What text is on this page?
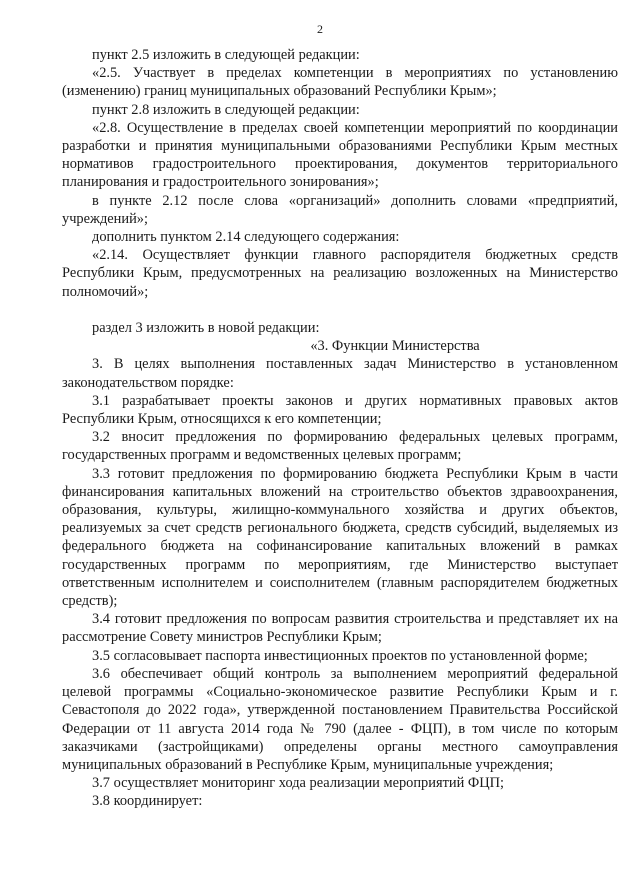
2

пункт 2.5 изложить в следующей редакции:

«2.5. Участвует в пределах компетенции в мероприятиях по установлению (изменению) границ муниципальных образований Республики Крым»;

пункт 2.8 изложить в следующей редакции:

«2.8. Осуществление в пределах своей компетенции мероприятий по координации разработки и принятия муниципальными образованиями Республики Крым местных нормативов градостроительного проектирования, документов территориального планирования и градостроительного зонирования»;

в пункте 2.12 после слова «организаций» дополнить словами «предприятий, учреждений»;

дополнить пунктом 2.14 следующего содержания:

«2.14. Осуществляет функции главного распорядителя бюджетных средств Республики Крым, предусмотренных на реализацию возложенных на Министерство полномочий»;

раздел 3 изложить в новой редакции:

«3. Функции Министерства

3. В целях выполнения поставленных задач Министерство в установленном законодательством порядке:

3.1 разрабатывает проекты законов и других нормативных правовых актов Республики Крым, относящихся к его компетенции;

3.2 вносит предложения по формированию федеральных целевых программ, государственных программ и ведомственных целевых программ;

3.3 готовит предложения по формированию бюджета Республики Крым в части финансирования капитальных вложений на строительство объектов здравоохранения, образования, культуры, жилищно-коммунального хозяйства и других объектов, реализуемых за счет средств регионального бюджета, средств субсидий, выделяемых из федерального бюджета на софинансирование капитальных вложений в рамках государственных программ по мероприятиям, где Министерство выступает ответственным исполнителем и соисполнителем (главным распорядителем бюджетных средств);

3.4 готовит предложения по вопросам развития строительства и представляет их на рассмотрение Совету министров Республики Крым;

3.5 согласовывает паспорта инвестиционных проектов по установленной форме;

3.6 обеспечивает общий контроль за выполнением мероприятий федеральной целевой программы «Социально-экономическое развитие Республики Крым и г. Севастополя до 2022 года», утвержденной постановлением Правительства Российской Федерации от 11 августа 2014 года № 790 (далее - ФЦП), в том числе по которым заказчиками (застройщиками) определены органы местного самоуправления муниципальных образований в Республике Крым, муниципальные учреждения;

3.7 осуществляет мониторинг хода реализации мероприятий ФЦП;

3.8 координирует:
